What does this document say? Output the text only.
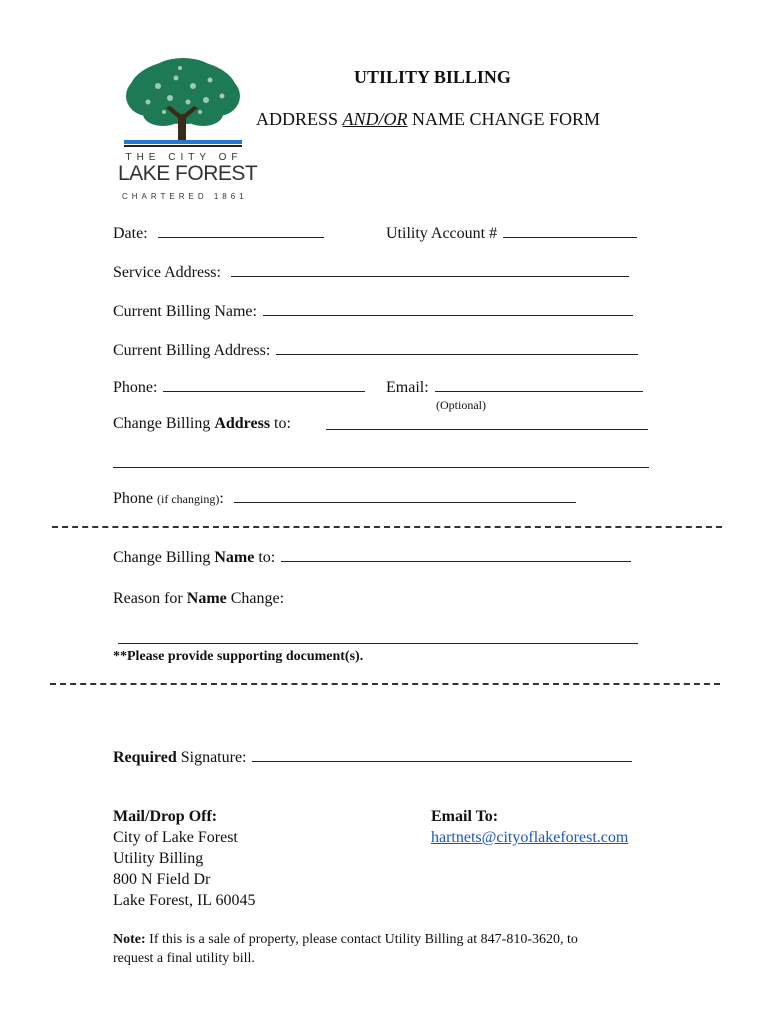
THE CITY OF
LAKE FOREST
CHARTERED 1861
UTILITY BILLING
ADDRESS AND/OR NAME CHANGE FORM
Date:	Utility Account #
Service Address:
Current Billing Name:
Current Billing Address:
Phone:	Email:
(Optional)
Change Billing Address to:
Phone (if changing):
Change Billing Name to:
Reason for Name Change:
**Please provide supporting document(s).
Required Signature:
Mail/Drop Off:
City of Lake Forest
Utility Billing
800 N Field Dr
Lake Forest, IL 60045
Email To:
hartnets@cityoflakeforest.com
Note: If this is a sale of property, please contact Utility Billing at 847-810-3620, to
request a final utility bill.
